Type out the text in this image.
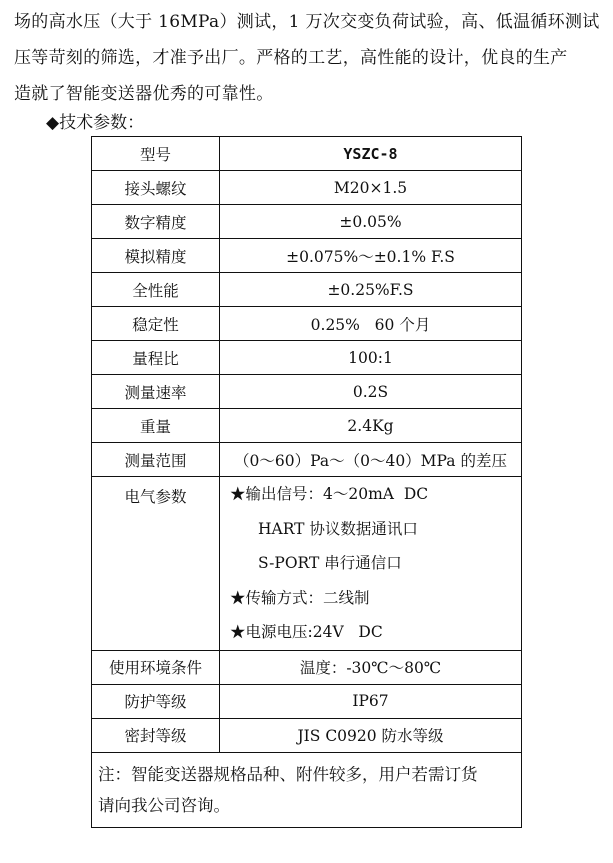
场的高水压（大于 16MPa）测试，1 万次交变负荷试验，高、低温循环测试
压等苛刻的筛选，才准予出厂。严格的工艺，高性能的设计，优良的生产
造就了智能变送器优秀的可靠性。
◆技术参数：
型号	YSZC-8
接头螺纹	M20×1.5
数字精度	±0.05%
模拟精度	±0.075%～±0.1% F.S
全性能	±0.25%F.S
稳定性	0.25%   60 个月
量程比	100:1
测量速率	0.2S
重量	2.4Kg
测量范围	（0～60）Pa～（0～40）MPa 的差压
电气参数	★输出信号：4～20mA  DC
HART 协议数据通讯口
S-PORT 串行通信口
★传输方式：二线制
★电源电压:24V   DC

使用环境条件	温度：-30℃～80℃
防护等级	IP67
密封等级	JIS C0920 防水等级

注：智能变送器规格品种、附件较多，用户若需订货
请向我公司咨询。	
